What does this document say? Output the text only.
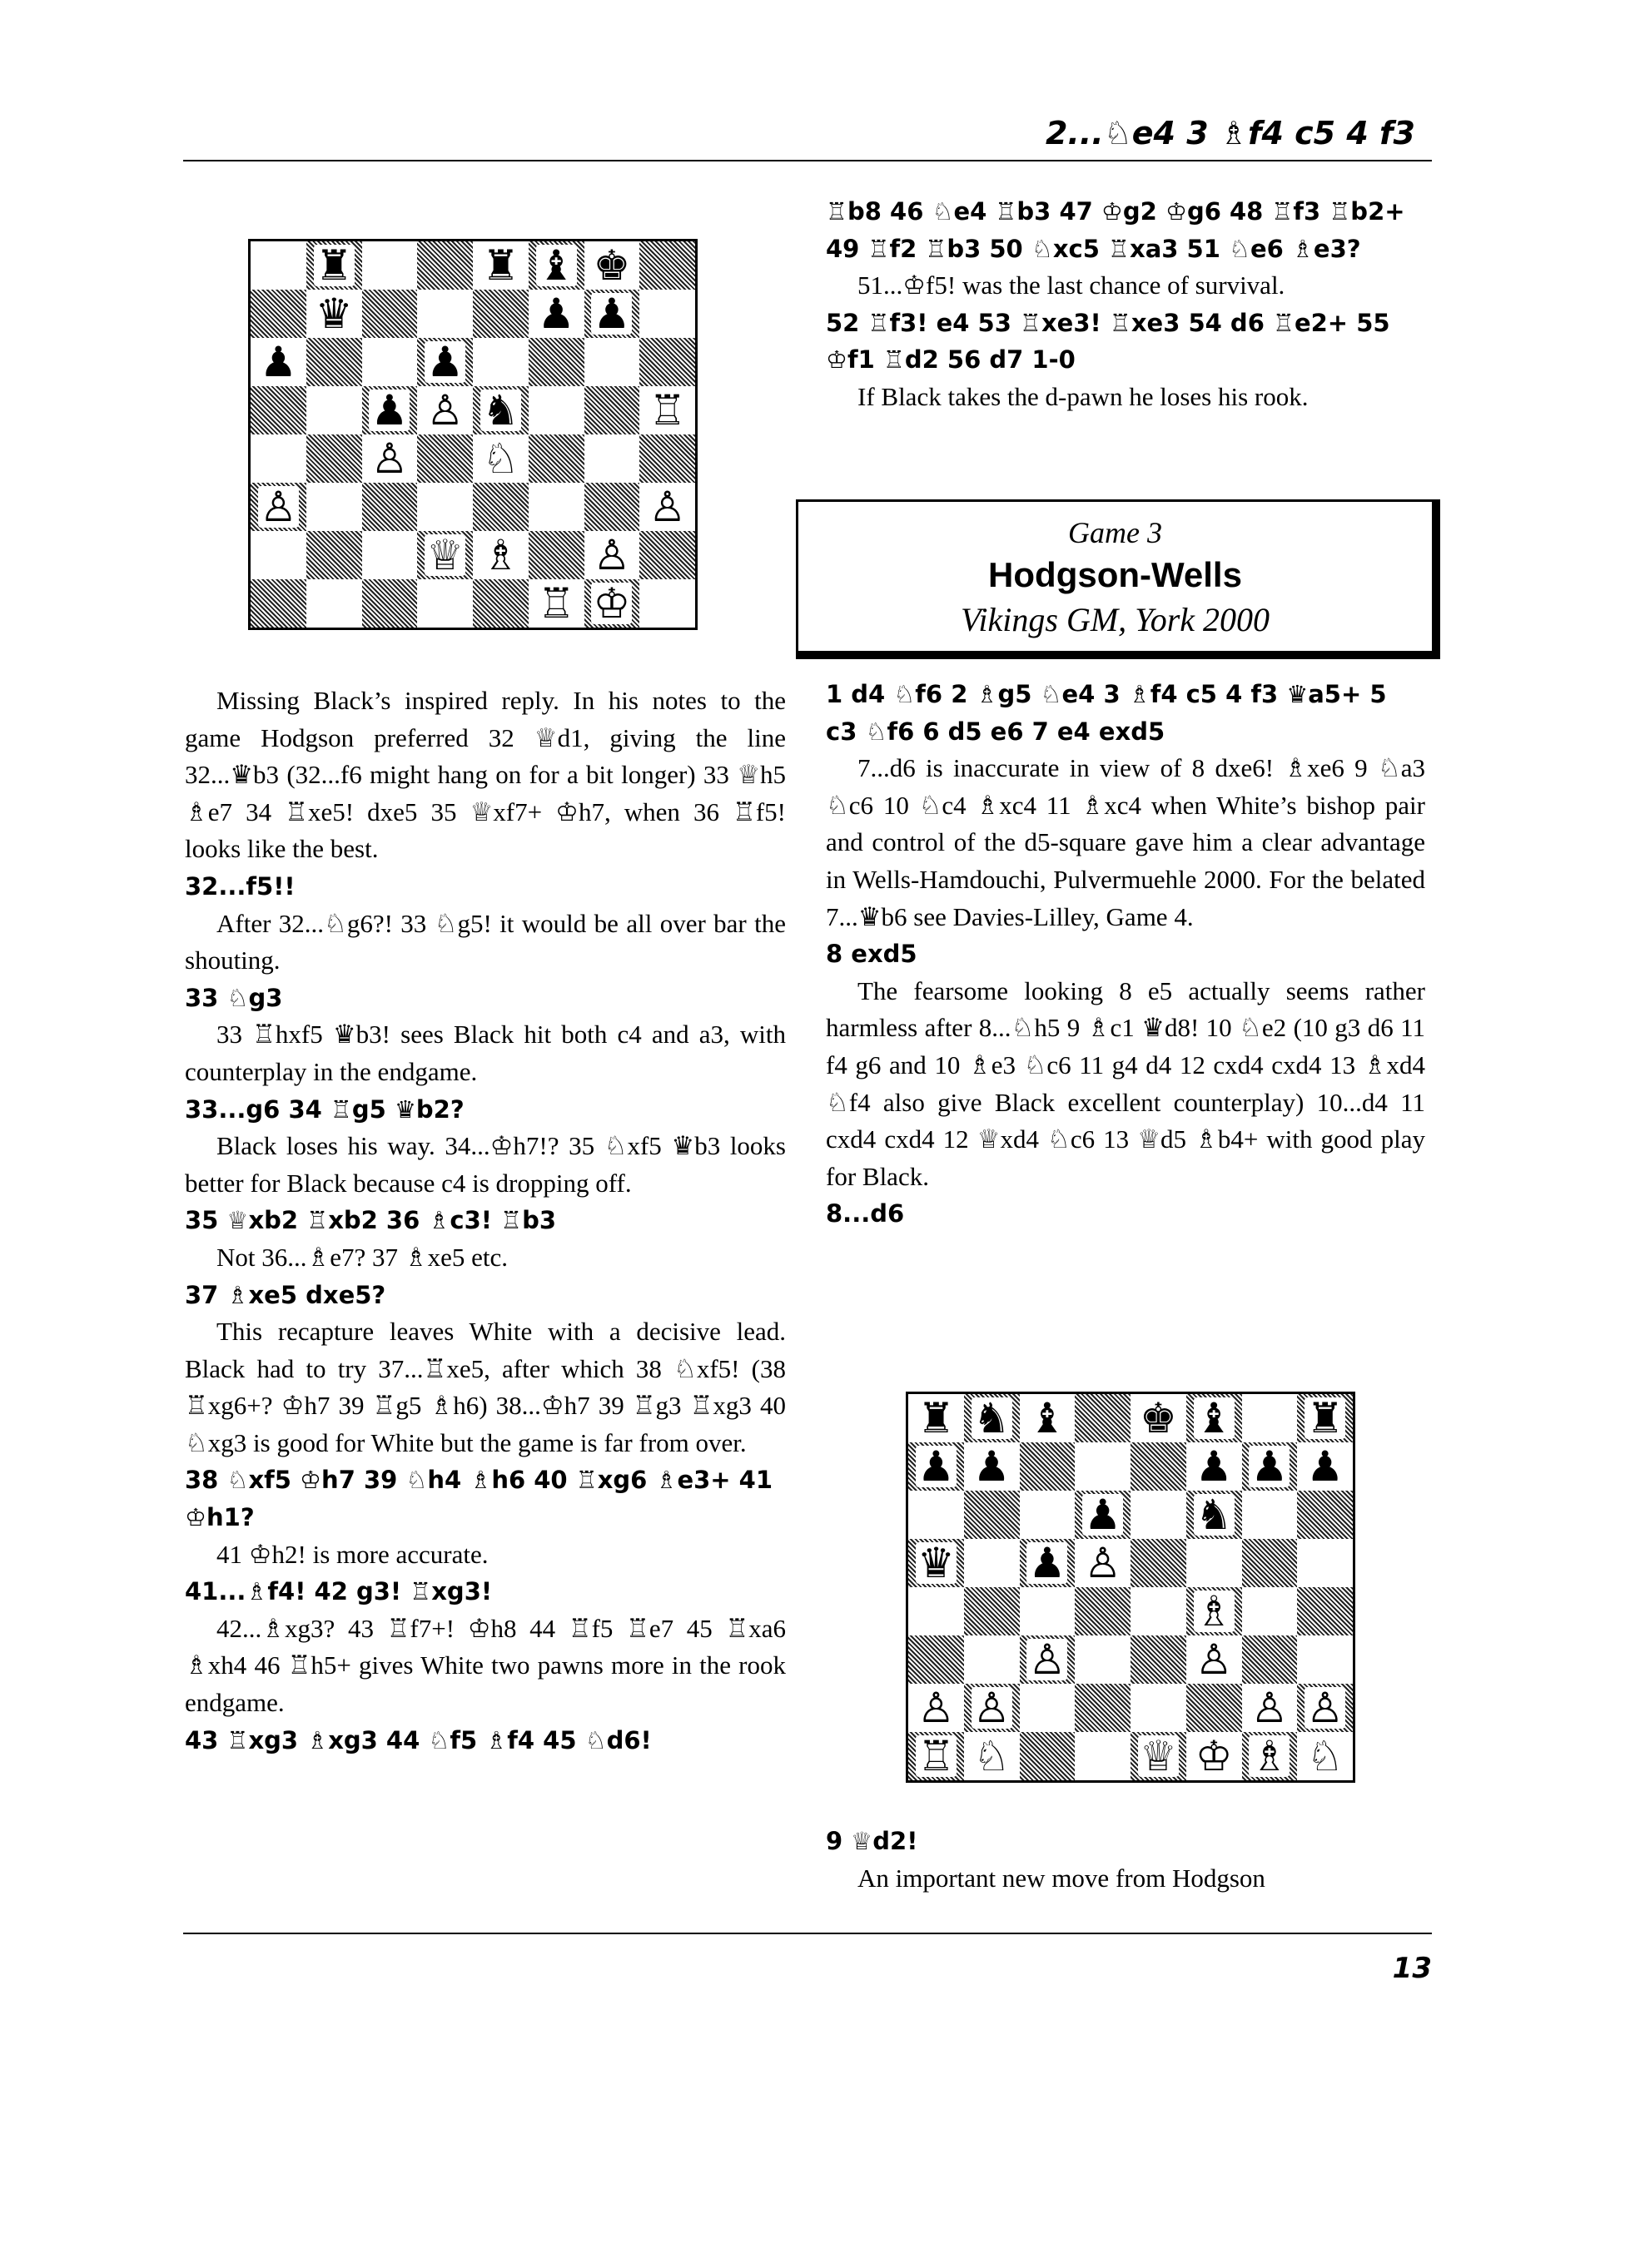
2...♘e4 3 ♗f4 c5 4 f3
♜	♜ ♝ ♚
♛	♟ ♟
♟	♟
♟ ♙ ♞	♖
♙ ♘
♙	♙
♕ ♗ ♙
♖ ♔

Missing Black’s inspired reply. In his notes to the game Hodgson preferred 32 ♕d1, giving the line 32...♛b3 (32...f6 might hang on for a bit longer) 33 ♕h5 ♗e7 34 ♖xe5! dxe5 35 ♕xf7+ ♔h7, when 36 ♖f5! looks like the best.

32...f5!!

After 32...♘g6?! 33 ♘g5! it would be all over bar the shouting.

33 ♘g3

33 ♖hxf5 ♛b3! sees Black hit both c4 and a3, with counterplay in the endgame.

33...g6 34 ♖g5 ♛b2?

Black loses his way. 34...♔h7!? 35 ♘xf5 ♛b3 looks better for Black because c4 is dropping off.

35 ♕xb2 ♖xb2 36 ♗c3! ♖b3

Not 36...♗e7? 37 ♗xe5 etc.

37 ♗xe5 dxe5?

This recapture leaves White with a decisive lead. Black had to try 37...♖xe5, after which 38 ♘xf5! (38 ♖xg6+? ♔h7 39 ♖g5 ♗h6) 38...♔h7 39 ♖g3 ♖xg3 40 ♘xg3 is good for White but the game is far from over.

38 ♘xf5 ♔h7 39 ♘h4 ♗h6 40 ♖xg6 ♗e3+ 41 ♔h1?

41 ♔h2! is more accurate.

41...♗f4! 42 g3! ♖xg3!

42...♗xg3? 43 ♖f7+! ♔h8 44 ♖f5 ♖e7 45 ♖xa6 ♗xh4 46 ♖h5+ gives White two pawns more in the rook endgame.

43 ♖xg3 ♗xg3 44 ♘f5 ♗f4 45 ♘d6!

♖b8 46 ♘e4 ♖b3 47 ♔g2 ♔g6 48 ♖f3 ♖b2+ 49 ♖f2 ♖b3 50 ♘xc5 ♖xa3 51 ♘e6 ♗e3?

51...♔f5! was the last chance of survival.

52 ♖f3! e4 53 ♖xe3! ♖xe3 54 d6 ♖e2+ 55 ♔f1 ♖d2 56 d7 1-0

If Black takes the d-pawn he loses his rook.

Game 3
Hodgson-Wells
Vikings GM, York 2000

1 d4 ♘f6 2 ♗g5 ♘e4 3 ♗f4 c5 4 f3 ♛a5+ 5 c3 ♘f6 6 d5 e6 7 e4 exd5

7...d6 is inaccurate in view of 8 dxe6! ♗xe6 9 ♘a3 ♘c6 10 ♘c4 ♗xc4 11 ♗xc4 when White’s bishop pair and control of the d5-square gave him a clear advantage in Wells-Hamdouchi, Pulvermuehle 2000. For the belated 7...♛b6 see Davies-Lilley, Game 4.

8 exd5

The fearsome looking 8 e5 actually seems rather harmless after 8...♘h5 9 ♗c1 ♛d8! 10 ♘e2 (10 g3 d6 11 f4 g6 and 10 ♗e3 ♘c6 11 g4 d4 12 cxd4 cxd4 13 ♗xd4 ♘f4 also give Black excellent counterplay) 10...d4 11 cxd4 cxd4 12 ♕xd4 ♘c6 13 ♕d5 ♗b4+ with good play for Black.

8...d6

♜ ♞ ♝ ♚ ♝ ♜
♟ ♟	♟ ♟ ♟
♟ ♞
♛ ♟ ♙
♗
♙	♙
♙ ♙	♙ ♙
♖ ♘	♕ ♔ ♗ ♘

9 ♕d2!

An important new move from Hodgson

13
